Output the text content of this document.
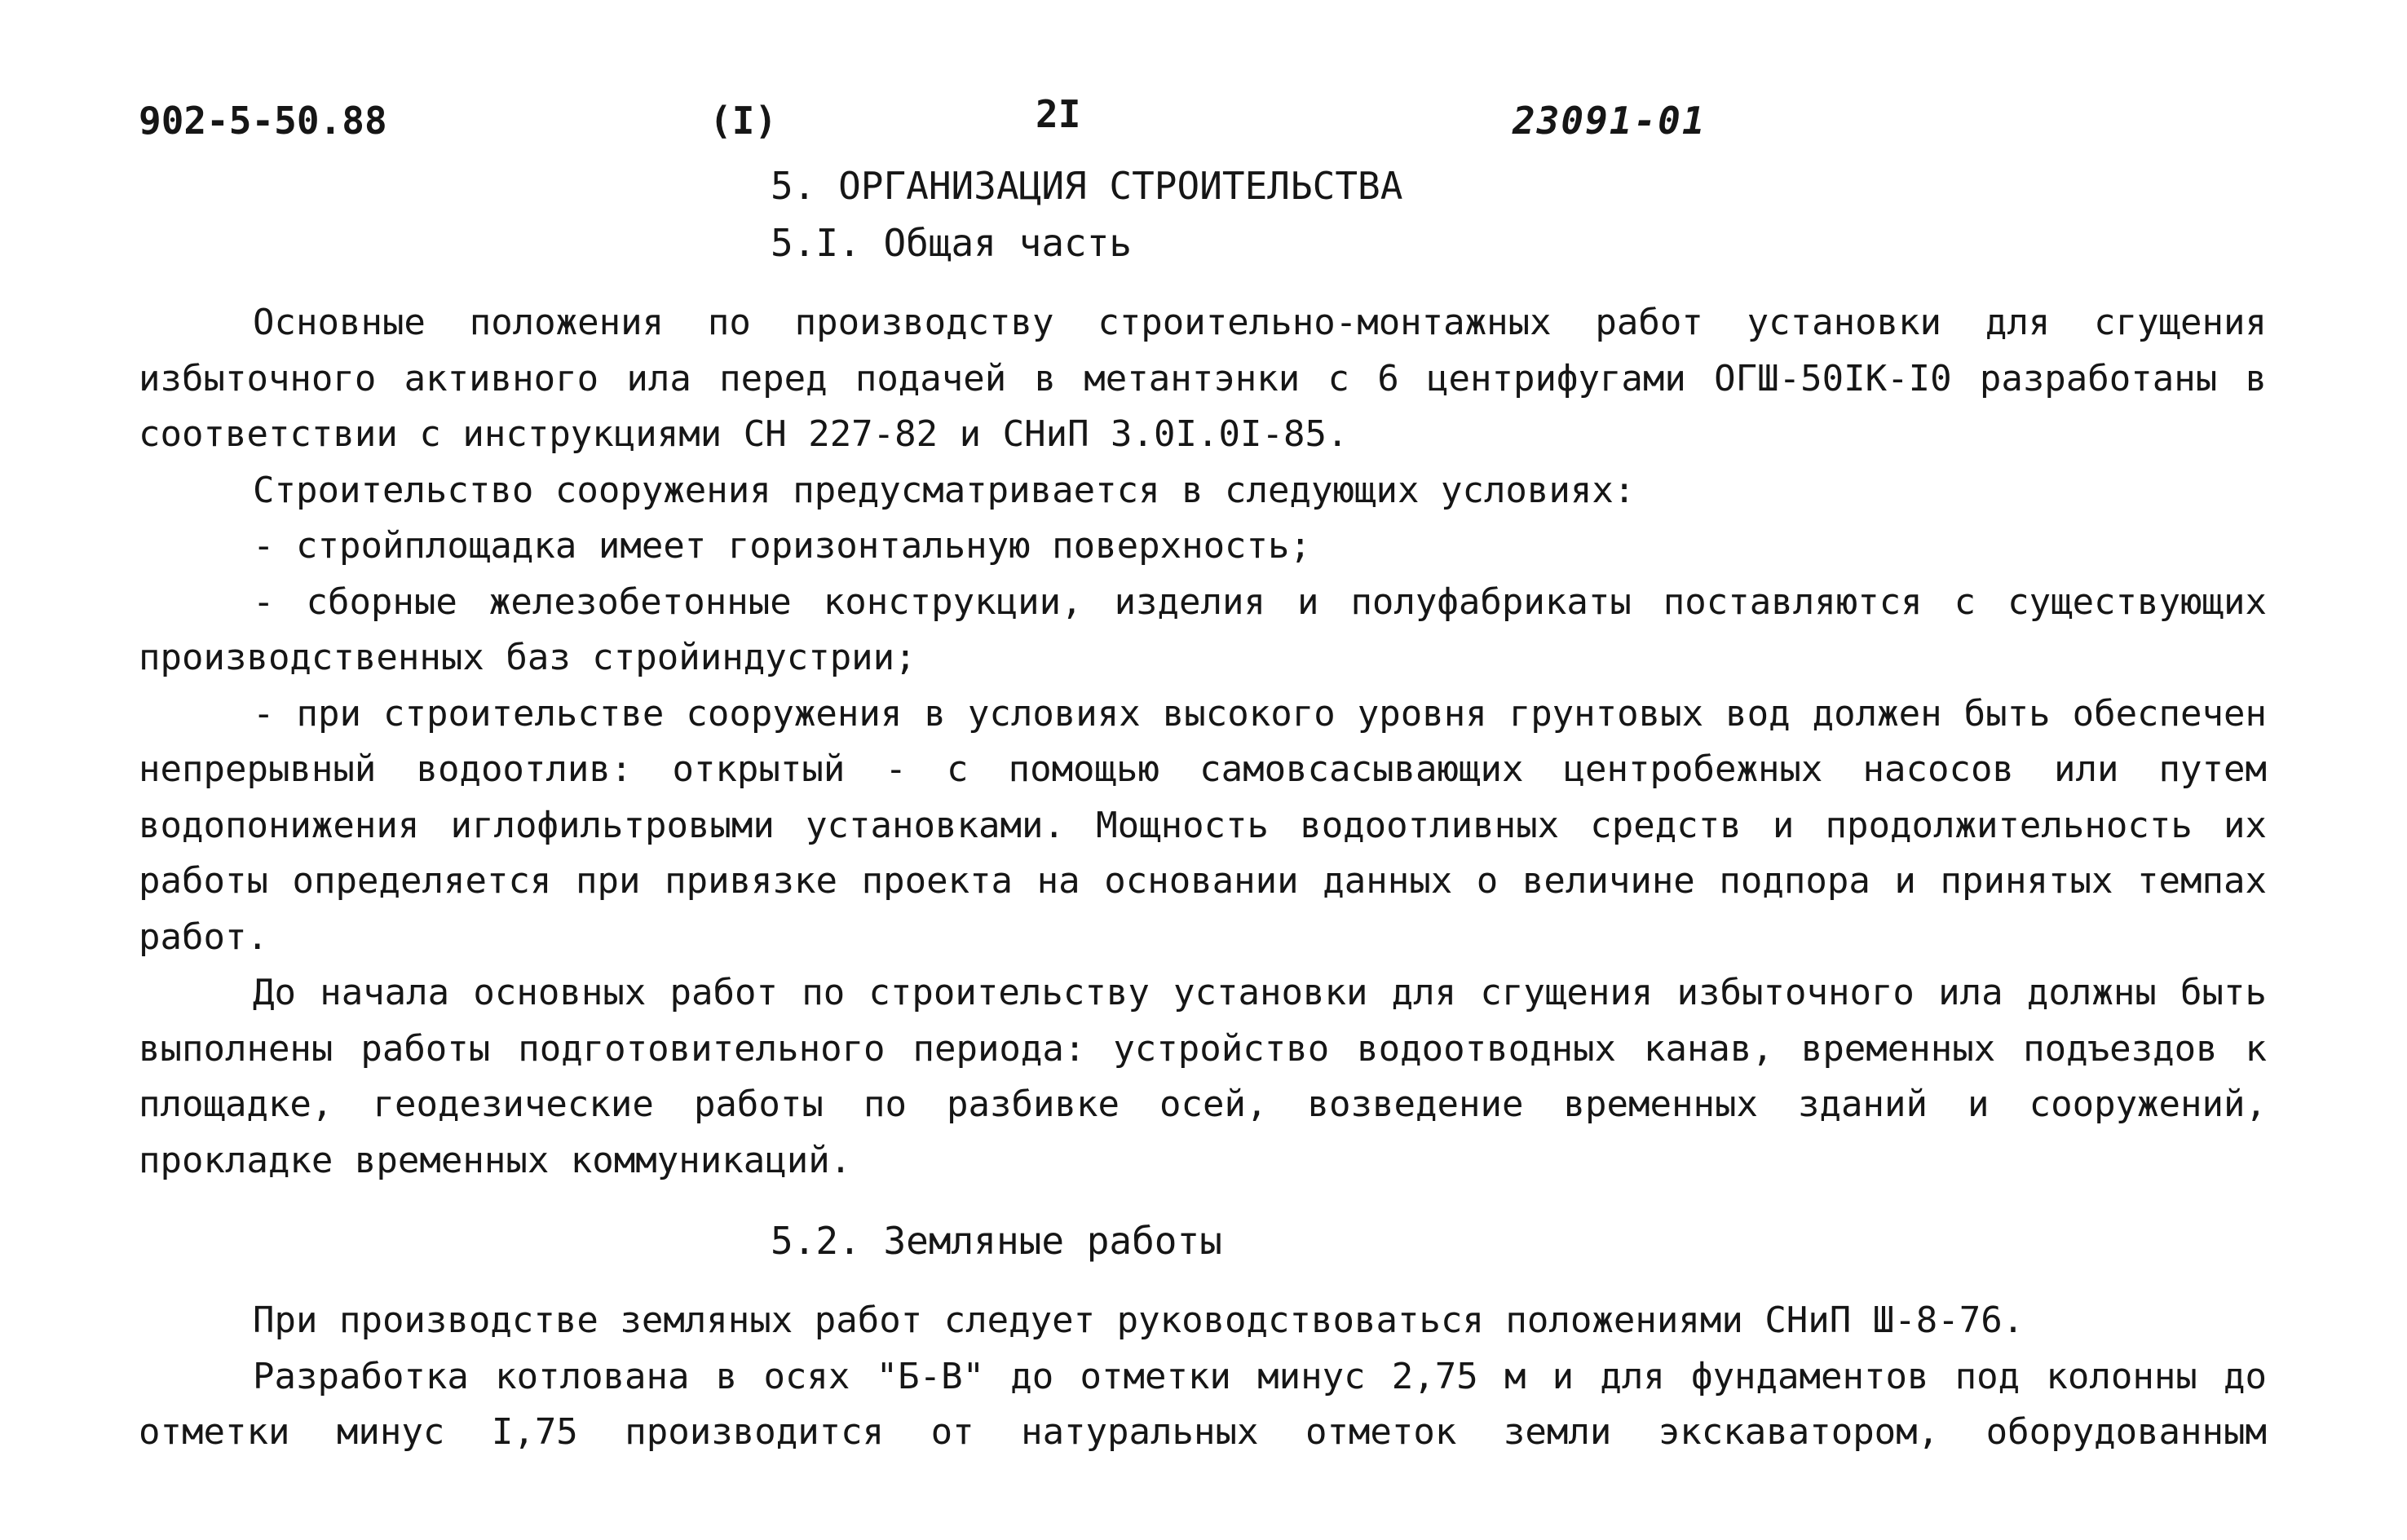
902-5-50.88	(I)	2I	23091-01
5. ОРГАНИЗАЦИЯ СТРОИТЕЛЬСТВА
5.I. Общая часть

Основные положения по производству строительно-монтажных работ установки для сгущения избыточного активного ила перед подачей в метантэнки с 6 центрифугами ОГШ-50IК-I0 разработаны в соответствии с инструкциями СН 227-82 и СНиП 3.0I.0I-85.

Строительство сооружения предусматривается в следующих условиях:

- стройплощадка имеет горизонтальную поверхность;

- сборные железобетонные конструкции, изделия и полуфабрикаты поставляются с существующих производственных баз стройиндустрии;

- при строительстве сооружения в условиях высокого уровня грунтовых вод должен быть обеспечен непрерывный водоотлив: открытый - с помощью самовсасывающих центробежных насосов или путем водопонижения иглофильтровыми установками. Мощность водоотливных средств и продолжительность их работы определяется при привязке проекта на основании данных о величине подпора и принятых темпах работ.

До начала основных работ по строительству установки для сгущения избыточного ила должны быть выполнены работы подготовительного периода: устройство водоотводных канав, временных подъездов к площадке, геодезические работы по разбивке осей, возведение временных зданий и сооружений, прокладке временных коммуникаций.

5.2. Земляные работы

При производстве земляных работ следует руководствоваться положениями СНиП Ш-8-76.

Разработка котлована в осях "Б-В" до отметки минус 2,75 м и для фундаментов под колонны до отметки минус I,75 производится от натуральных отметок земли экскаватором, оборудованным
